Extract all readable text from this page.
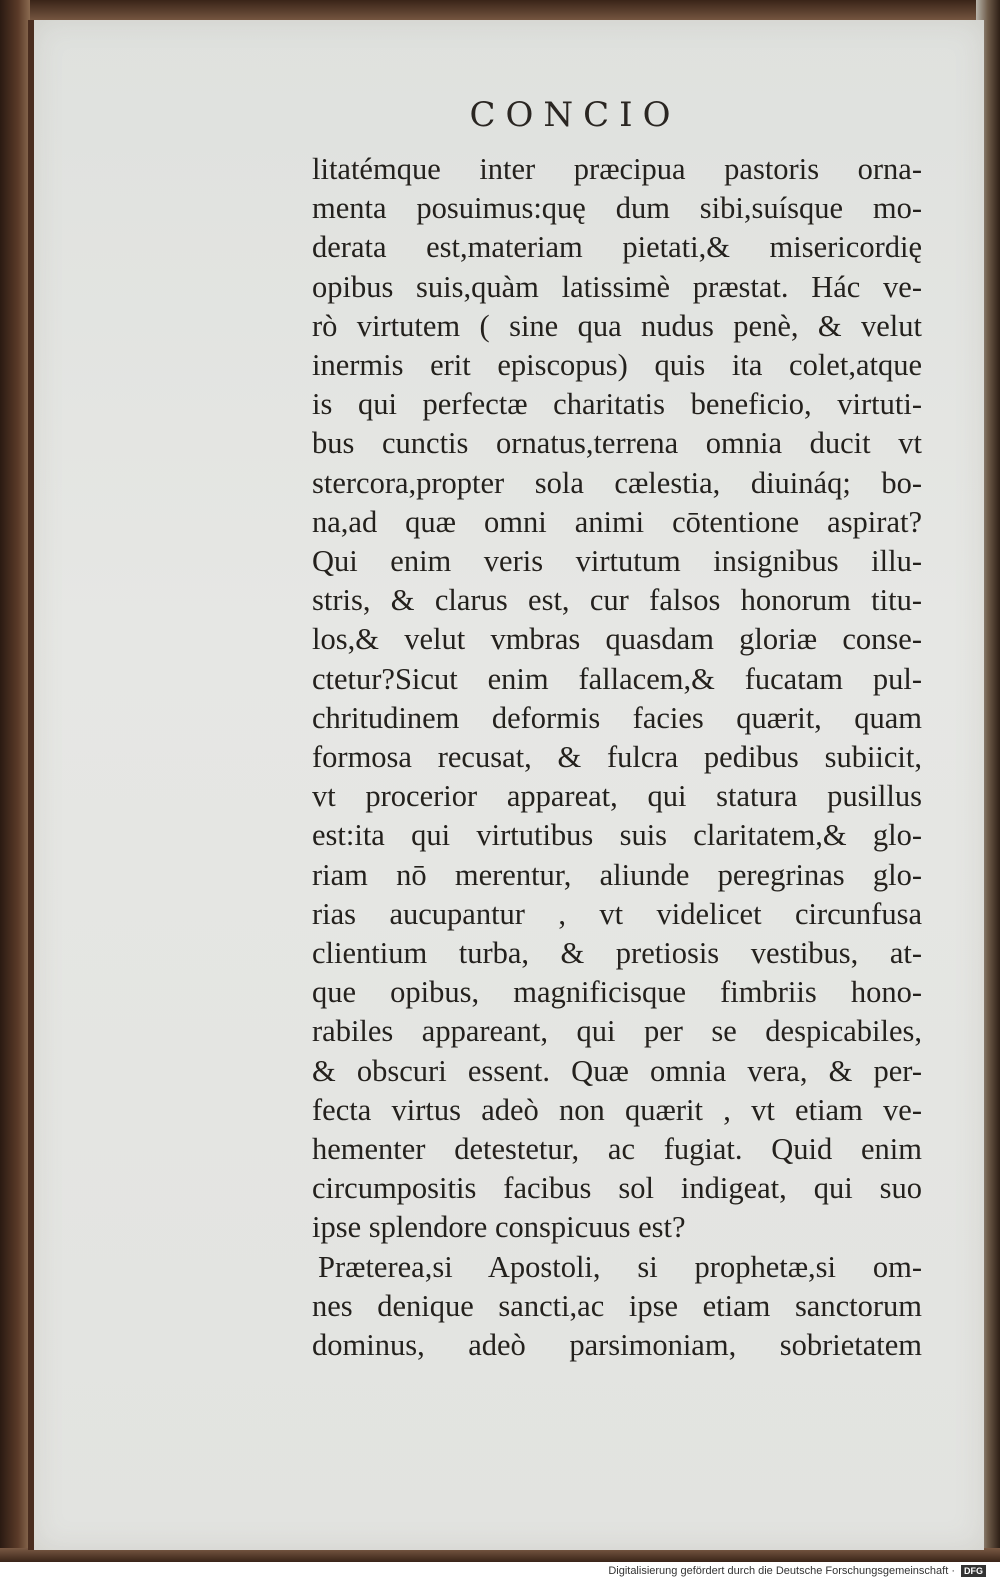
CONCIO
litatémque inter præcipua pastoris orna-
menta posuimus:quę dum sibi,suísque mo-
derata est,materiam pietati,& misericordię
opibus suis,quàm latissimè præstat. Hác ve-
rò virtutem ( sine qua nudus penè, & velut
inermis erit episcopus) quis ita colet,atque
is qui perfectæ charitatis beneficio, virtuti-
bus cunctis ornatus,terrena omnia ducit vt
stercora,propter sola cælestia, diuináq; bo-
na,ad quæ omni animi cōtentione aspirat?
Qui enim veris virtutum insignibus illu-
stris, & clarus est, cur falsos honorum titu-
los,& velut vmbras quasdam gloriæ conse-
ctetur?Sicut enim fallacem,& fucatam pul-
chritudinem deformis facies quærit, quam
formosa recusat, & fulcra pedibus subiicit,
vt procerior appareat, qui statura pusillus
est:ita qui virtutibus suis claritatem,& glo-
riam nō merentur, aliunde peregrinas glo-
rias aucupantur , vt videlicet circunfusa
clientium turba, & pretiosis vestibus, at-
que opibus, magnificisque fimbriis hono-
rabiles appareant, qui per se despicabiles,
& obscuri essent. Quæ omnia vera, & per-
fecta virtus adeò non quærit , vt etiam ve-
hementer detestetur, ac fugiat. Quid enim
circumpositis facibus sol indigeat, qui suo
ipse splendore conspicuus est?
Præterea,si Apostoli, si prophetæ,si om-
nes denique sancti,ac ipse etiam sanctorum
dominus, adeò parsimoniam, sobrietatem
Digitalisierung gefördert durch die Deutsche Forschungsgemeinschaft · DFG
